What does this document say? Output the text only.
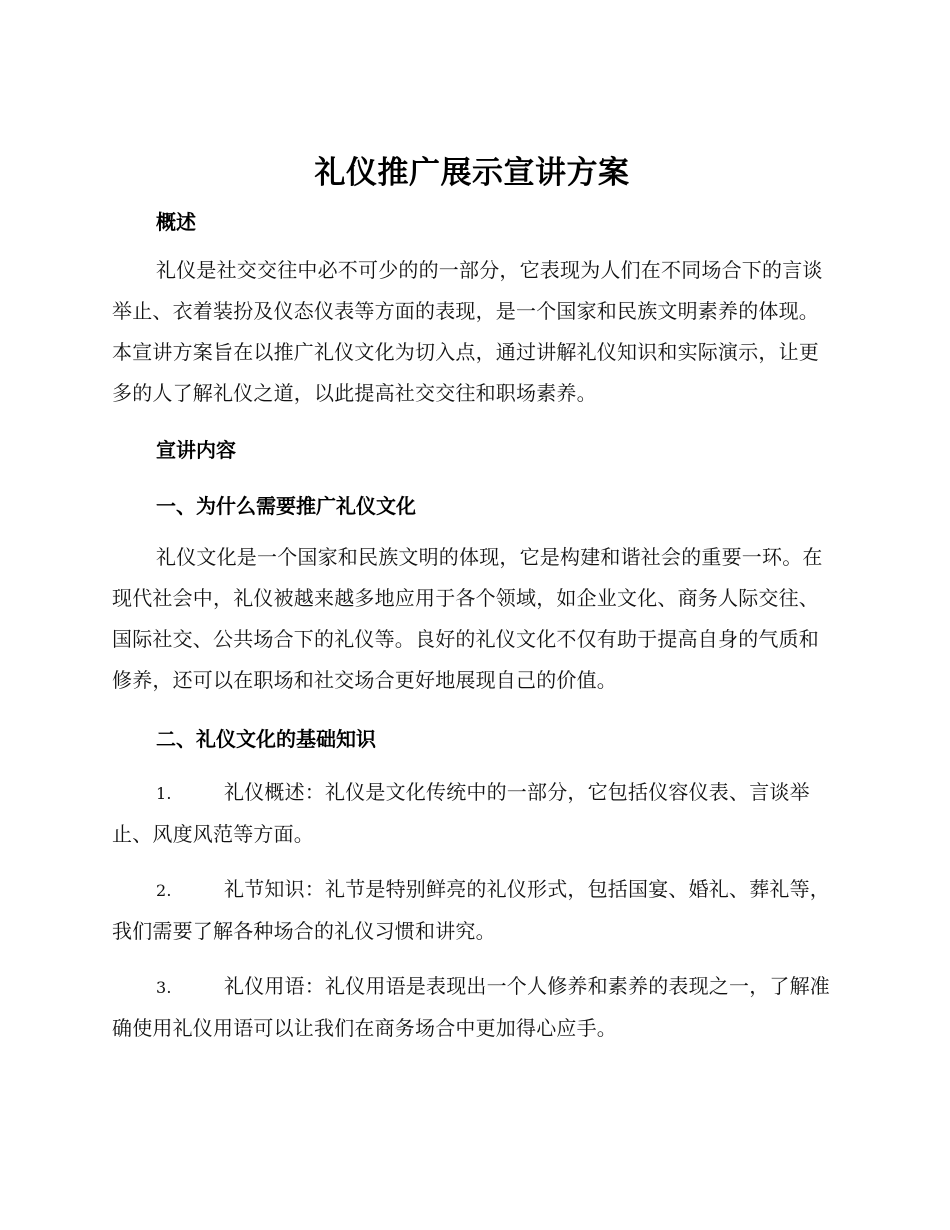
礼仪推广展示宣讲方案

概述

礼仪是社交交往中必不可少的的一部分，它表现为人们在不同场合下的言谈举止、衣着装扮及仪态仪表等方面的表现，是一个国家和民族文明素养的体现。本宣讲方案旨在以推广礼仪文化为切入点，通过讲解礼仪知识和实际演示，让更多的人了解礼仪之道，以此提高社交交往和职场素养。

宣讲内容

一、为什么需要推广礼仪文化

礼仪文化是一个国家和民族文明的体现，它是构建和谐社会的重要一环。在现代社会中，礼仪被越来越多地应用于各个领域，如企业文化、商务人际交往、国际社交、公共场合下的礼仪等。良好的礼仪文化不仅有助于提高自身的气质和修养，还可以在职场和社交场合更好地展现自己的价值。

二、礼仪文化的基础知识

1.	礼仪概述：礼仪是文化传统中的一部分，它包括仪容仪表、言谈举止、风度风范等方面。

2.	礼节知识：礼节是特别鲜亮的礼仪形式，包括国宴、婚礼、葬礼等，我们需要了解各种场合的礼仪习惯和讲究。

3.	礼仪用语：礼仪用语是表现出一个人修养和素养的表现之一，了解准确使用礼仪用语可以让我们在商务场合中更加得心应手。
